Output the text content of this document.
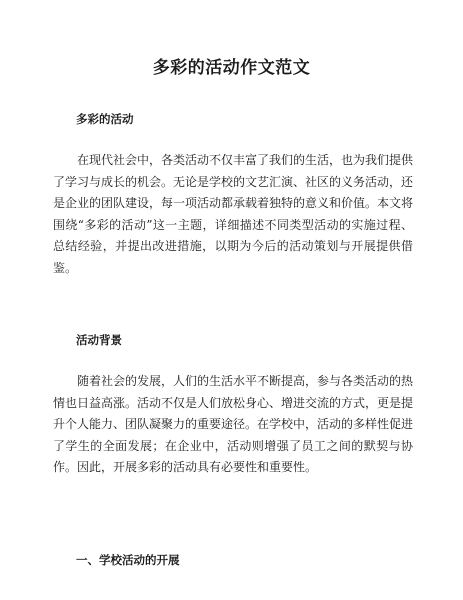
多彩的活动作文范文
多彩的活动

在现代社会中，各类活动不仅丰富了我们的生活，也为我们提供了学习与成长的机会。无论是学校的文艺汇演、社区的义务活动，还是企业的团队建设，每一项活动都承载着独特的意义和价值。本文将围绕“多彩的活动”这一主题，详细描述不同类型活动的实施过程、总结经验，并提出改进措施，以期为今后的活动策划与开展提供借鉴。

活动背景

随着社会的发展，人们的生活水平不断提高，参与各类活动的热情也日益高涨。活动不仅是人们放松身心、增进交流的方式，更是提升个人能力、团队凝聚力的重要途径。在学校中，活动的多样性促进了学生的全面发展；在企业中，活动则增强了员工之间的默契与协作。因此，开展多彩的活动具有必要性和重要性。

一、学校活动的开展
